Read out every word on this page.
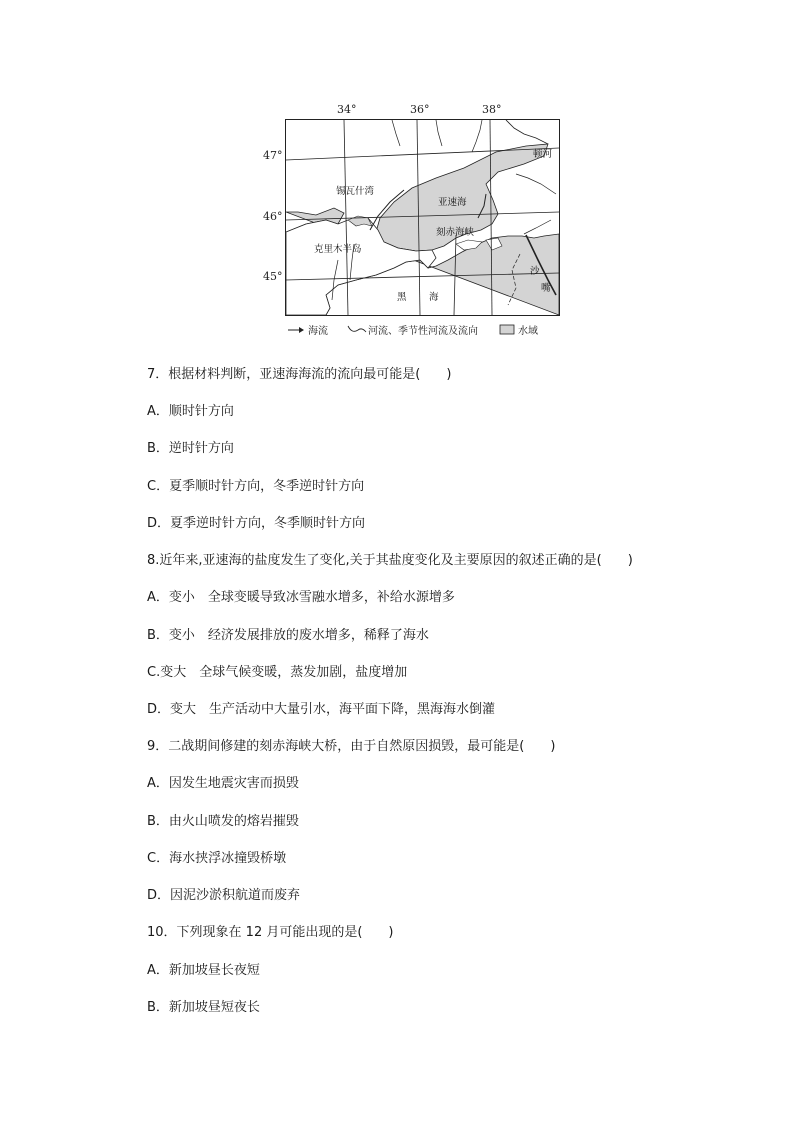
34°	36°	38°
47°
46°
45°
锡瓦什湾
亚速海
顿河
克里木半岛
刻赤海峡
黑 海
沙
嘴
海流	河流、季节性河流及流向	水域
7．根据材料判断，亚速海海流的流向最可能是(　　)
A．顺时针方向
B．逆时针方向
C．夏季顺时针方向，冬季逆时针方向
D．夏季逆时针方向，冬季顺时针方向
8.近年来,亚速海的盐度发生了变化,关于其盐度变化及主要原因的叙述正确的是(　　)
A．变小　全球变暖导致冰雪融水增多，补给水源增多
B．变小　经济发展排放的废水增多，稀释了海水
C.变大　全球气候变暖，蒸发加剧，盐度增加
D．变大　生产活动中大量引水，海平面下降，黑海海水倒灌
9．二战期间修建的刻赤海峡大桥，由于自然原因损毁，最可能是(　　)
A．因发生地震灾害而损毁
B．由火山喷发的熔岩摧毁
C．海水挟浮冰撞毁桥墩
D．因泥沙淤积航道而废弃
10．下列现象在 12 月可能出现的是(　　)
A．新加坡昼长夜短
B．新加坡昼短夜长
